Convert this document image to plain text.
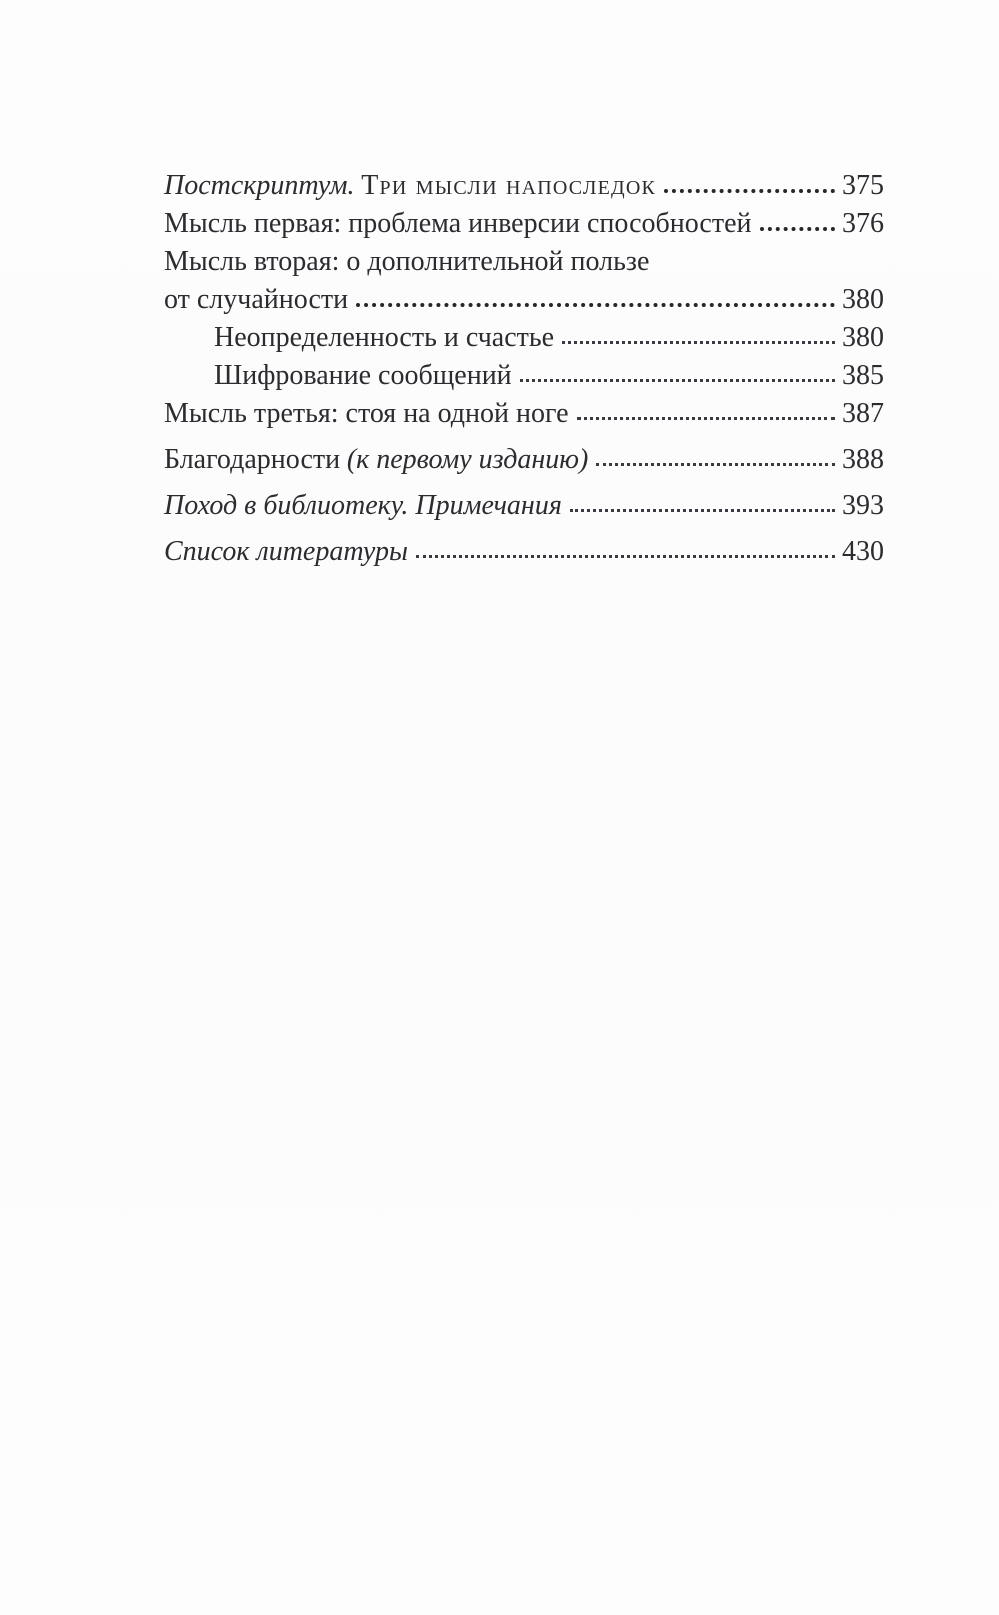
Постскриптум. Три мысли напоследок	375
Мысль первая: проблема инверсии способностей	376
Мысль вторая: о дополнительной пользе
от случайности	380
Неопределенность и счастье	380
Шифрование сообщений	385
Мысль третья: стоя на одной ноге	387
Благодарности (к первому изданию)	388
Поход в библиотеку. Примечания	393
Список литературы	430
